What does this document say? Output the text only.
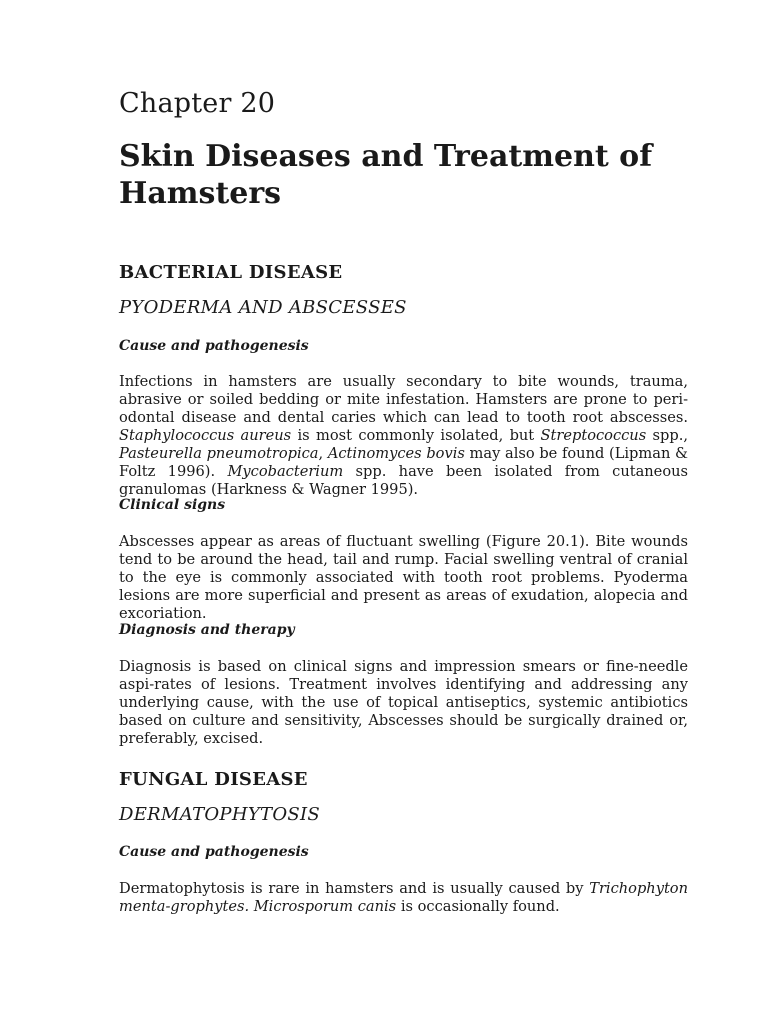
Chapter 20
Skin Diseases and Treatment of Hamsters
BACTERIAL DISEASE
PYODERMA AND ABSCESSES
Cause and pathogenesis

Infections in hamsters are usually secondary to bite wounds, trauma, abrasive or soiled bedding or mite infestation. Hamsters are prone to peri-odontal disease and dental caries which can lead to tooth root abscesses. Staphylococcus aureus is most commonly isolated, but Streptococcus spp., Pasteurella pneumotropica, Actinomyces bovis may also be found (Lipman & Foltz 1996). Mycobacterium spp. have been isolated from cutaneous granulomas (Harkness & Wagner 1995).

Clinical signs

Abscesses appear as areas of fluctuant swelling (Figure 20.1). Bite wounds tend to be around the head, tail and rump. Facial swelling ventral of cranial to the eye is commonly associated with tooth root problems. Pyoderma lesions are more superficial and present as areas of exudation, alopecia and excoriation.

Diagnosis and therapy

Diagnosis is based on clinical signs and impression smears or fine-needle aspi-rates of lesions. Treatment involves identifying and addressing any underlying cause, with the use of topical antiseptics, systemic antibiotics based on culture and sensitivity, Abscesses should be surgically drained or, preferably, excised.

FUNGAL DISEASE
DERMATOPHYTOSIS
Cause and pathogenesis

Dermatophytosis is rare in hamsters and is usually caused by Trichophyton menta-grophytes. Microsporum canis is occasionally found.
